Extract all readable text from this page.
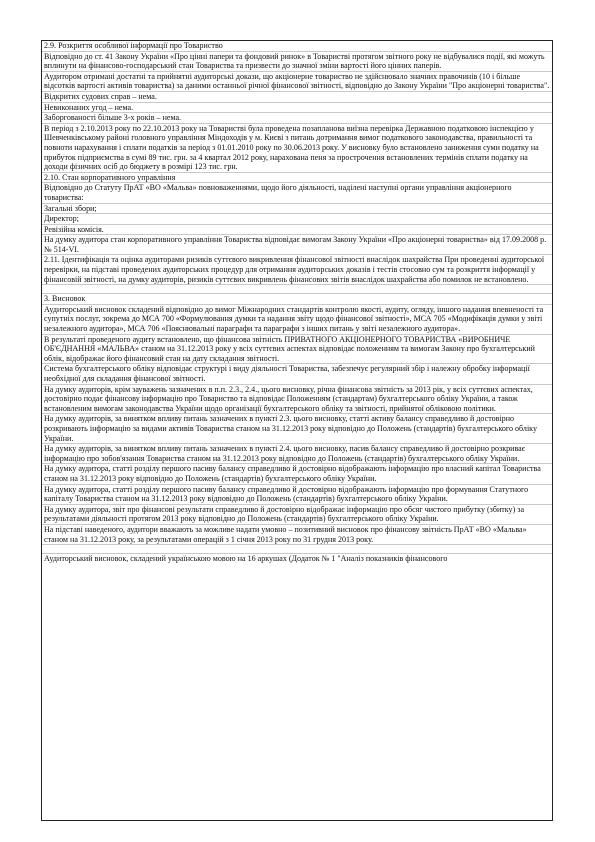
2.9. Розкриття особливої інформації про Товариство
Відповідно до ст. 41 Закону України «Про цінні папери та фондовий ринок» в Товаристві протягом звітного року не відбувалися події, які можуть вплинути на фінансово-господарський стан Товариства та призвести до значної зміни вартості його цінних паперів.
Аудитором отримані достатні та прийнятні аудиторські докази, що акціонерне товариство не здійснювало значних правочинів (10 і більше відсотків вартості активів товариства) за даними останньої річної фінансової звітності, відповідно до Закону України "Про акціонерні товариства".
Відкритих судових справ – нема.
Невиконаних угод – нема.
Заборгованості більше 3-х років – нема.
В період з 2.10.2013 року по 22.10.2013 року на Товаристві була проведена позапланова виїзна перевірка Державною податковою інспекцією у Шевченківському районі головного управління Міндоходів у м. Києві з питань дотримання вимог податкового законодавства, правильності та повноти нарахування і сплати податків за період з 01.01.2010 року по 30.06.2013 року. У висновку було встановлено заниження суми податку на прибуток підприємства в сумі 89 тис. грн. за 4 квартал 2012 року, нарахована пеня за прострочення встановлених термінів сплати податку на доходи фізичних осіб до бюджету в розмірі 123 тис. грн.
2.10. Стан корпоративного управління
Відповідно до Статуту ПрАТ «ВО «Мальва» повноваженнями, щодо його діяльності, наділені наступні органи управління акціонерного товариства:
Загальні збори;
Директор;
Ревізійна комісія.
На думку аудитора стан корпоративного управління Товариства відповідає вимогам Закону України «Про акціонерні товариства» від 17.09.2008 р. № 514-VI.
2.11. Ідентифікація та оцінка аудиторами ризиків суттєвого викривлення фінансової звітності внаслідок шахрайства При проведенні аудиторської перевірки, на підставі проведених аудиторських процедур для отримання аудиторських доказів і тестів стосовно сум та розкриття інформації у фінансовій звітності, на думку аудиторів, ризиків суттєвих викривлень фінансових звітів внаслідок шахрайства або помилок не встановлено.
3. Висновок
Аудиторський висновок складений відповідно до вимог Міжнародних стандартів контролю якості, аудиту, огляду, іншого надання впевненості та супутніх послуг, зокрема до МСА 700 «Формулювання думки та надання звіту щодо фінансової звітності», МСА 705 «Модифікація думки у звіті незалежного аудитора», МСА 706 «Пояснювальні параграфи та параграфи з інших питань у звіті незалежного аудитора».
В результаті проведеного аудиту встановлено, що фінансова звітність ПРИВАТНОГО АКЦІОНЕРНОГО ТОВАРИСТВА «ВИРОБНИЧЕ ОБ'ЄДНАННЯ «МАЛЬВА» станом на 31.12.2013 року у всіх суттєвих аспектах відповідає положенням та вимогам Закону про бухгалтерський облік, відображає його фінансовий стан на дату складання звітності.
Система бухгалтерського обліку відповідає структурі і виду діяльності Товариства, забезпечує регулярний збір і належну обробку інформації необхідної для складання фінансової звітності.
На думку аудиторів, крім зауважень зазначених в п.п. 2.3., 2.4., цього висновку, річна фінансова звітність за 2013 рік, у всіх суттєвих аспектах, достовірно подає фінансову інформацію про Товариство та відповідає Положенням (стандартам) бухгалтерського обліку України, а також встановленим вимогам законодавства України щодо організації бухгалтерського обліку та звітності, прийнятої обліковою політики.
На думку аудиторів, за винятком впливу питань зазначених в пункті 2.3. цього висновку, статті активу балансу справедливо й достовірно розкривають інформацію за видами активів Товариства станом на 31.12.2013 року відповідно до Положень (стандартів) бухгалтерського обліку України.
На думку аудиторів, за винятком впливу питань зазначених в пункті 2.4. цього висновку, пасив балансу справедливо й достовірно розкриває інформацію про зобов'язання Товариства станом на 31.12.2013 року відповідно до Положень (стандартів) бухгалтерського обліку України.
На думку аудитора, статті розділу першого пасиву балансу справедливо й достовірно відображають інформацію про власний капітал Товариства станом на 31.12.2013 року відповідно до Положень (стандартів) бухгалтерського обліку України.
На думку аудитора, статті розділу першого пасиву балансу справедливо й достовірно відображають інформацію про формування Статутного капіталу Товариства станом на 31.12.2013 року відповідно до Положень (стандартів) бухгалтерського обліку України.
На думку аудитора, звіт про фінансові результати справедливо й достовірно відображає інформацію про обсяг чистого прибутку (збитку) за результатами діяльності протягом 2013 року відповідно до Положень (стандартів) бухгалтерського обліку України.
На підставі наведеного, аудитори вважають за можливе надати умовно – позитивний висновок про фінансову звітність ПрАТ «ВО «Мальва» станом на 31.12.2013 року, за результатами операцій з 1 січня 2013 року по 31 грудня 2013 року.
Аудиторський висновок, складений українською мовою на 16 аркушах (Додаток № 1 "Аналіз показників фінансового
